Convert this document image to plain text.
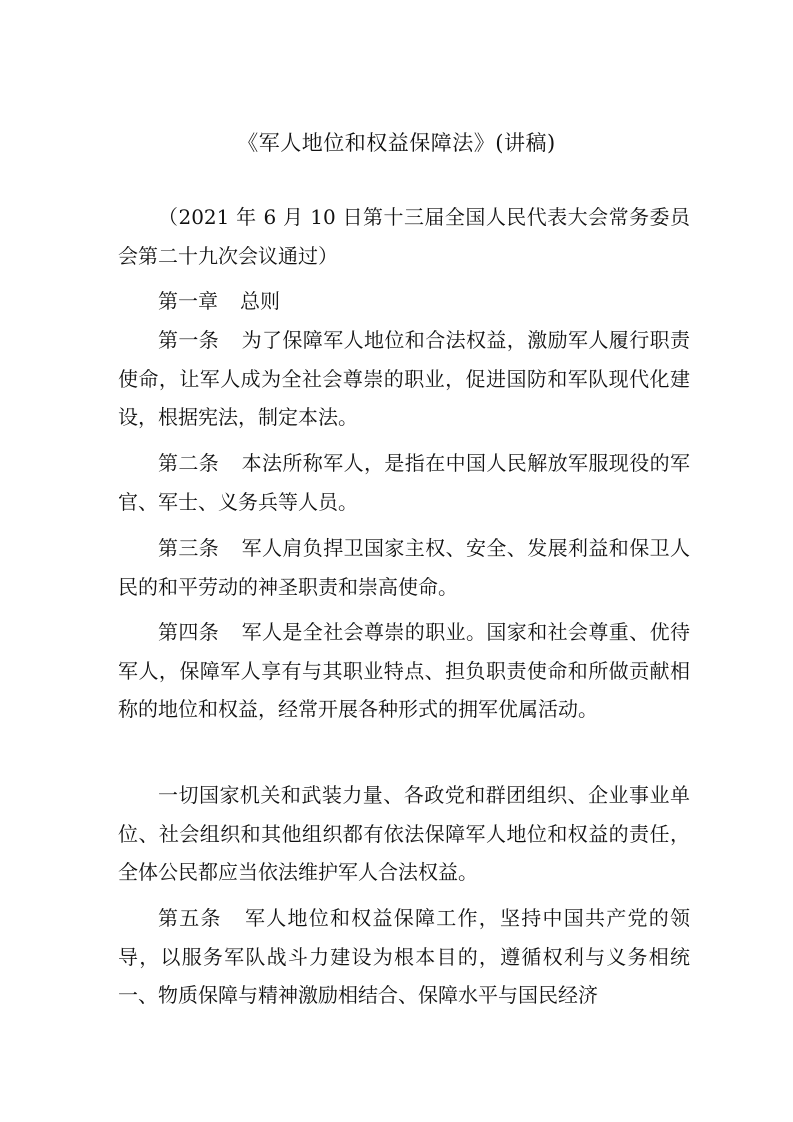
《军人地位和权益保障法》(讲稿)

（2021 年 6 月 10 日第十三届全国人民代表大会常务委员会第二十九次会议通过）

第一章 总则

第一条 为了保障军人地位和合法权益，激励军人履行职责使命，让军人成为全社会尊崇的职业，促进国防和军队现代化建设，根据宪法，制定本法。

第二条 本法所称军人，是指在中国人民解放军服现役的军官、军士、义务兵等人员。

第三条 军人肩负捍卫国家主权、安全、发展利益和保卫人民的和平劳动的神圣职责和崇高使命。

第四条 军人是全社会尊崇的职业。国家和社会尊重、优待军人，保障军人享有与其职业特点、担负职责使命和所做贡献相称的地位和权益，经常开展各种形式的拥军优属活动。

一切国家机关和武装力量、各政党和群团组织、企业事业单位、社会组织和其他组织都有依法保障军人地位和权益的责任，全体公民都应当依法维护军人合法权益。

第五条 军人地位和权益保障工作，坚持中国共产党的领导，以服务军队战斗力建设为根本目的，遵循权利与义务相统一、物质保障与精神激励相结合、保障水平与国民经济
